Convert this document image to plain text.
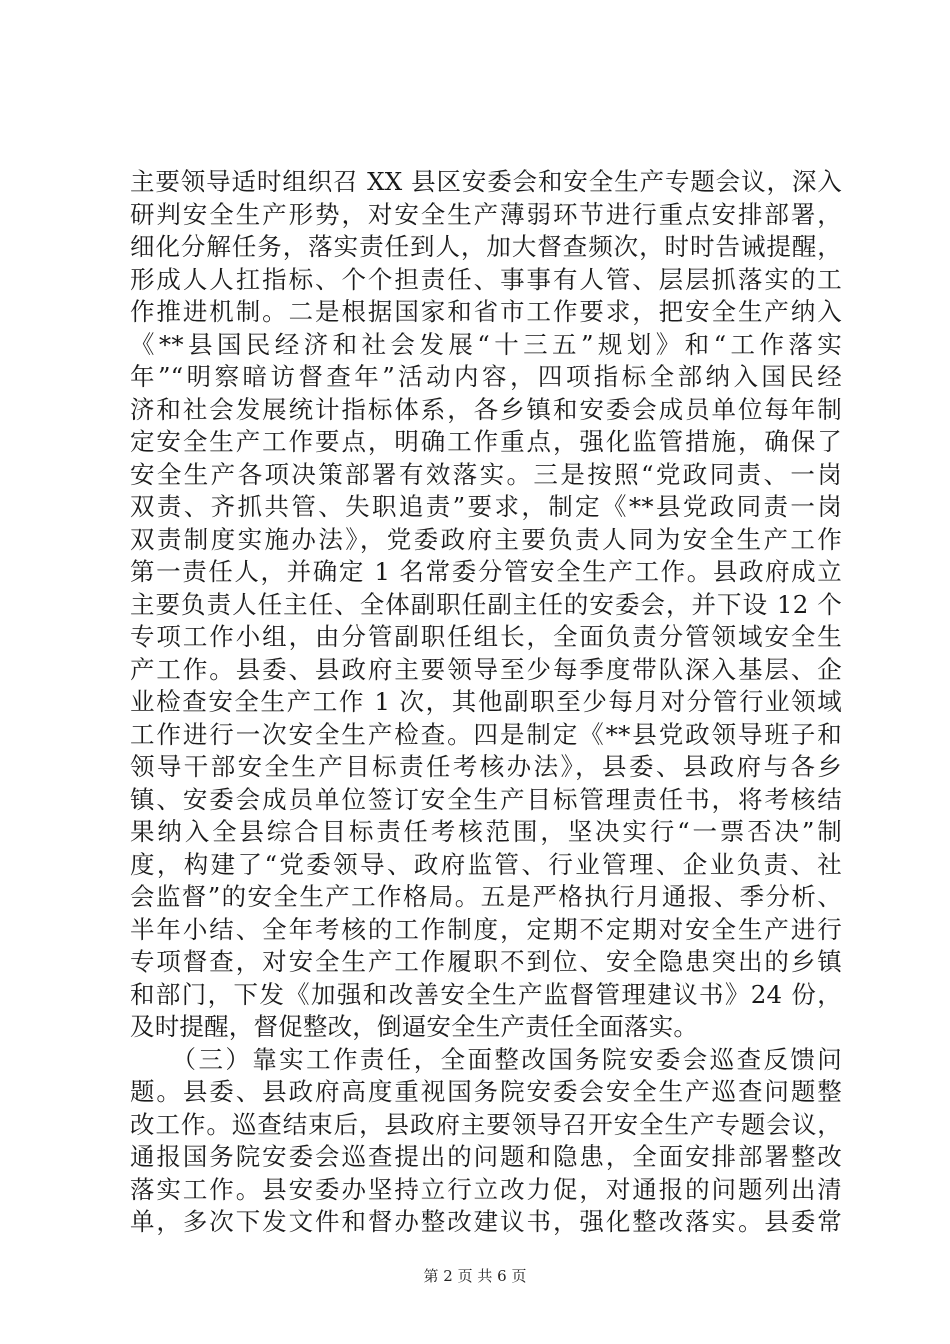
主要领导适时组织召 XX 县区安委会和安全生产专题会议，深入
研判安全生产形势，对安全生产薄弱环节进行重点安排部署，
细化分解任务，落实责任到人，加大督查频次，时时告诫提醒，
形成人人扛指标、个个担责任、事事有人管、层层抓落实的工
作推进机制。二是根据国家和省市工作要求，把安全生产纳入
《**县国民经济和社会发展“十三五”规划》和“工作落实
年”“明察暗访督查年”活动内容，四项指标全部纳入国民经
济和社会发展统计指标体系，各乡镇和安委会成员单位每年制
定安全生产工作要点，明确工作重点，强化监管措施，确保了
安全生产各项决策部署有效落实。三是按照“党政同责、一岗
双责、齐抓共管、失职追责”要求，制定《**县党政同责一岗
双责制度实施办法》，党委政府主要负责人同为安全生产工作
第一责任人，并确定 1 名常委分管安全生产工作。县政府成立
主要负责人任主任、全体副职任副主任的安委会，并下设 12 个
专项工作小组，由分管副职任组长，全面负责分管领域安全生
产工作。县委、县政府主要领导至少每季度带队深入基层、企
业检查安全生产工作 1 次，其他副职至少每月对分管行业领域
工作进行一次安全生产检查。四是制定《**县党政领导班子和
领导干部安全生产目标责任考核办法》，县委、县政府与各乡
镇、安委会成员单位签订安全生产目标管理责任书，将考核结
果纳入全县综合目标责任考核范围，坚决实行“一票否决”制
度，构建了“党委领导、政府监管、行业管理、企业负责、社
会监督”的安全生产工作格局。五是严格执行月通报、季分析、
半年小结、全年考核的工作制度，定期不定期对安全生产进行
专项督查，对安全生产工作履职不到位、安全隐患突出的乡镇
和部门，下发《加强和改善安全生产监督管理建议书》24 份，
及时提醒，督促整改，倒逼安全生产责任全面落实。
　　（三）靠实工作责任，全面整改国务院安委会巡查反馈问
题。县委、县政府高度重视国务院安委会安全生产巡查问题整
改工作。巡查结束后，县政府主要领导召开安全生产专题会议，
通报国务院安委会巡查提出的问题和隐患，全面安排部署整改
落实工作。县安委办坚持立行立改力促，对通报的问题列出清
单，多次下发文件和督办整改建议书，强化整改落实。县委常
第 2 页 共 6 页
